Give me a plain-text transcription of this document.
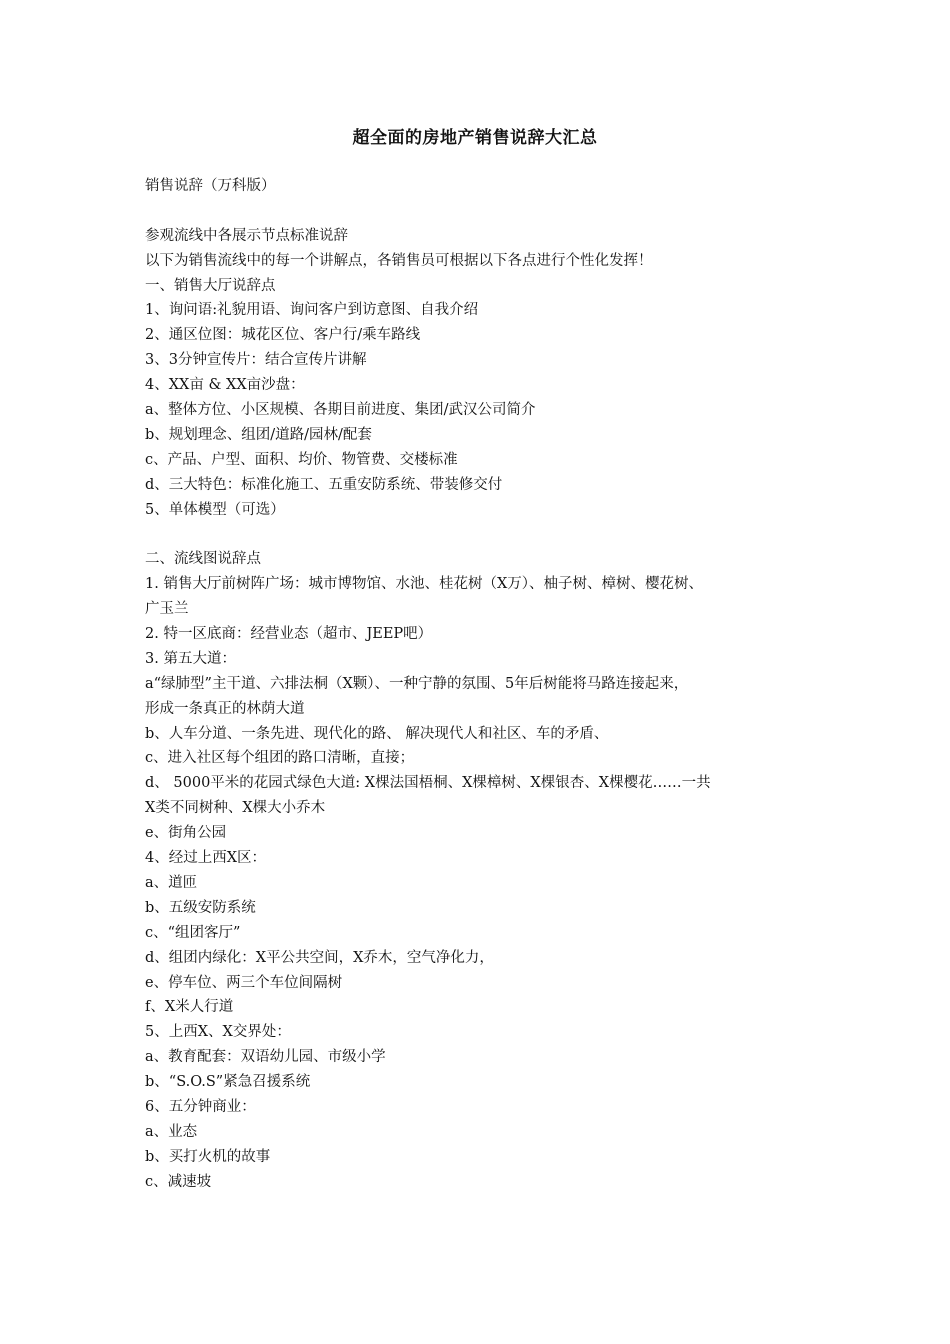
超全面的房地产销售说辞大汇总
销售说辞（万科版）
参观流线中各展示节点标准说辞
以下为销售流线中的每一个讲解点，各销售员可根据以下各点进行个性化发挥！
一、销售大厅说辞点
1、询问语:礼貌用语、询问客户到访意图、自我介绍
2、通区位图：城花区位、客户行/乘车路线
3、3分钟宣传片：结合宣传片讲解
4、XX亩 & XX亩沙盘：
a、整体方位、小区规模、各期目前进度、集团/武汉公司简介
b、规划理念、组团/道路/园林/配套
c、产品、户型、面积、均价、物管费、交楼标准
d、三大特色：标准化施工、五重安防系统、带装修交付
5、单体模型（可选）
二、流线图说辞点
1. 销售大厅前树阵广场：城市博物馆、水池、桂花树（X万）、柚子树、樟树、樱花树、
广玉兰
2. 特一区底商：经营业态（超市、JEEP吧）
3. 第五大道：
a“绿肺型”主干道、六排法桐（X颗）、一种宁静的氛围、5年后树能将马路连接起来，
形成一条真正的林荫大道
b、人车分道、一条先进、现代化的路、 解决现代人和社区、车的矛盾、
c、进入社区每个组团的路口清晰，直接；
d、 5000平米的花园式绿色大道: X棵法国梧桐、X棵樟树、X棵银杏、X棵樱花……一共
X类不同树种、X棵大小乔木
e、街角公园
4、经过上西X区：
a、道匝
b、五级安防系统
c、“组团客厅”
d、组团内绿化：X平公共空间，X乔木，空气净化力，
e、停车位、两三个车位间隔树
f、X米人行道
5、上西X、X交界处：
a、教育配套：双语幼儿园、市级小学
b、“S.O.S”紧急召援系统
6、五分钟商业：
a、业态
b、买打火机的故事
c、减速坡
